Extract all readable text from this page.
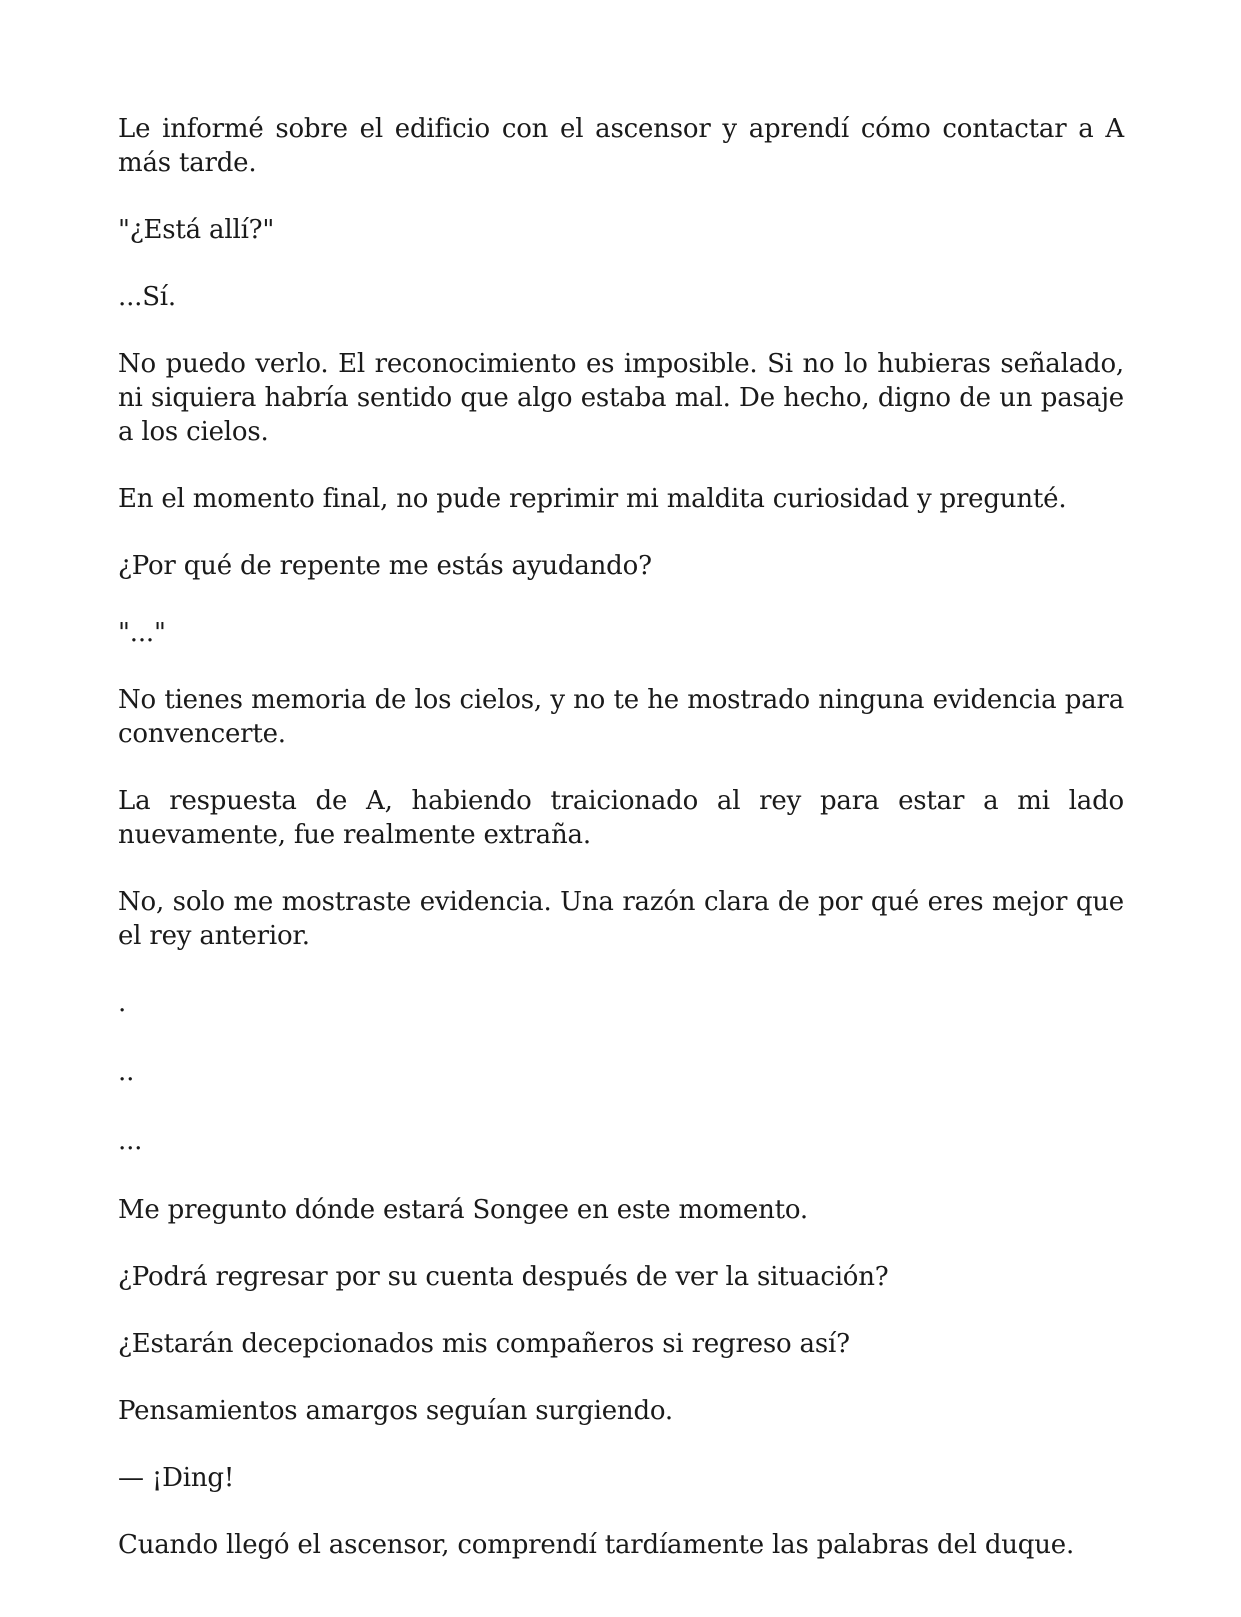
Le informé sobre el edificio con el ascensor y aprendí cómo contactar a A más tarde.

"¿Está allí?"

...Sí.

No puedo verlo. El reconocimiento es imposible. Si no lo hubieras señalado, ni siquiera habría sentido que algo estaba mal. De hecho, digno de un pasaje a los cielos.

En el momento final, no pude reprimir mi maldita curiosidad y pregunté.

¿Por qué de repente me estás ayudando?

"..."

No tienes memoria de los cielos, y no te he mostrado ninguna evidencia para convencerte.

La respuesta de A, habiendo traicionado al rey para estar a mi lado nuevamente, fue realmente extraña.

No, solo me mostraste evidencia. Una razón clara de por qué eres mejor que el rey anterior.

.

..

...

Me pregunto dónde estará Songee en este momento.

¿Podrá regresar por su cuenta después de ver la situación?

¿Estarán decepcionados mis compañeros si regreso así?

Pensamientos amargos seguían surgiendo.

— ¡Ding!

Cuando llegó el ascensor, comprendí tardíamente las palabras del duque.
